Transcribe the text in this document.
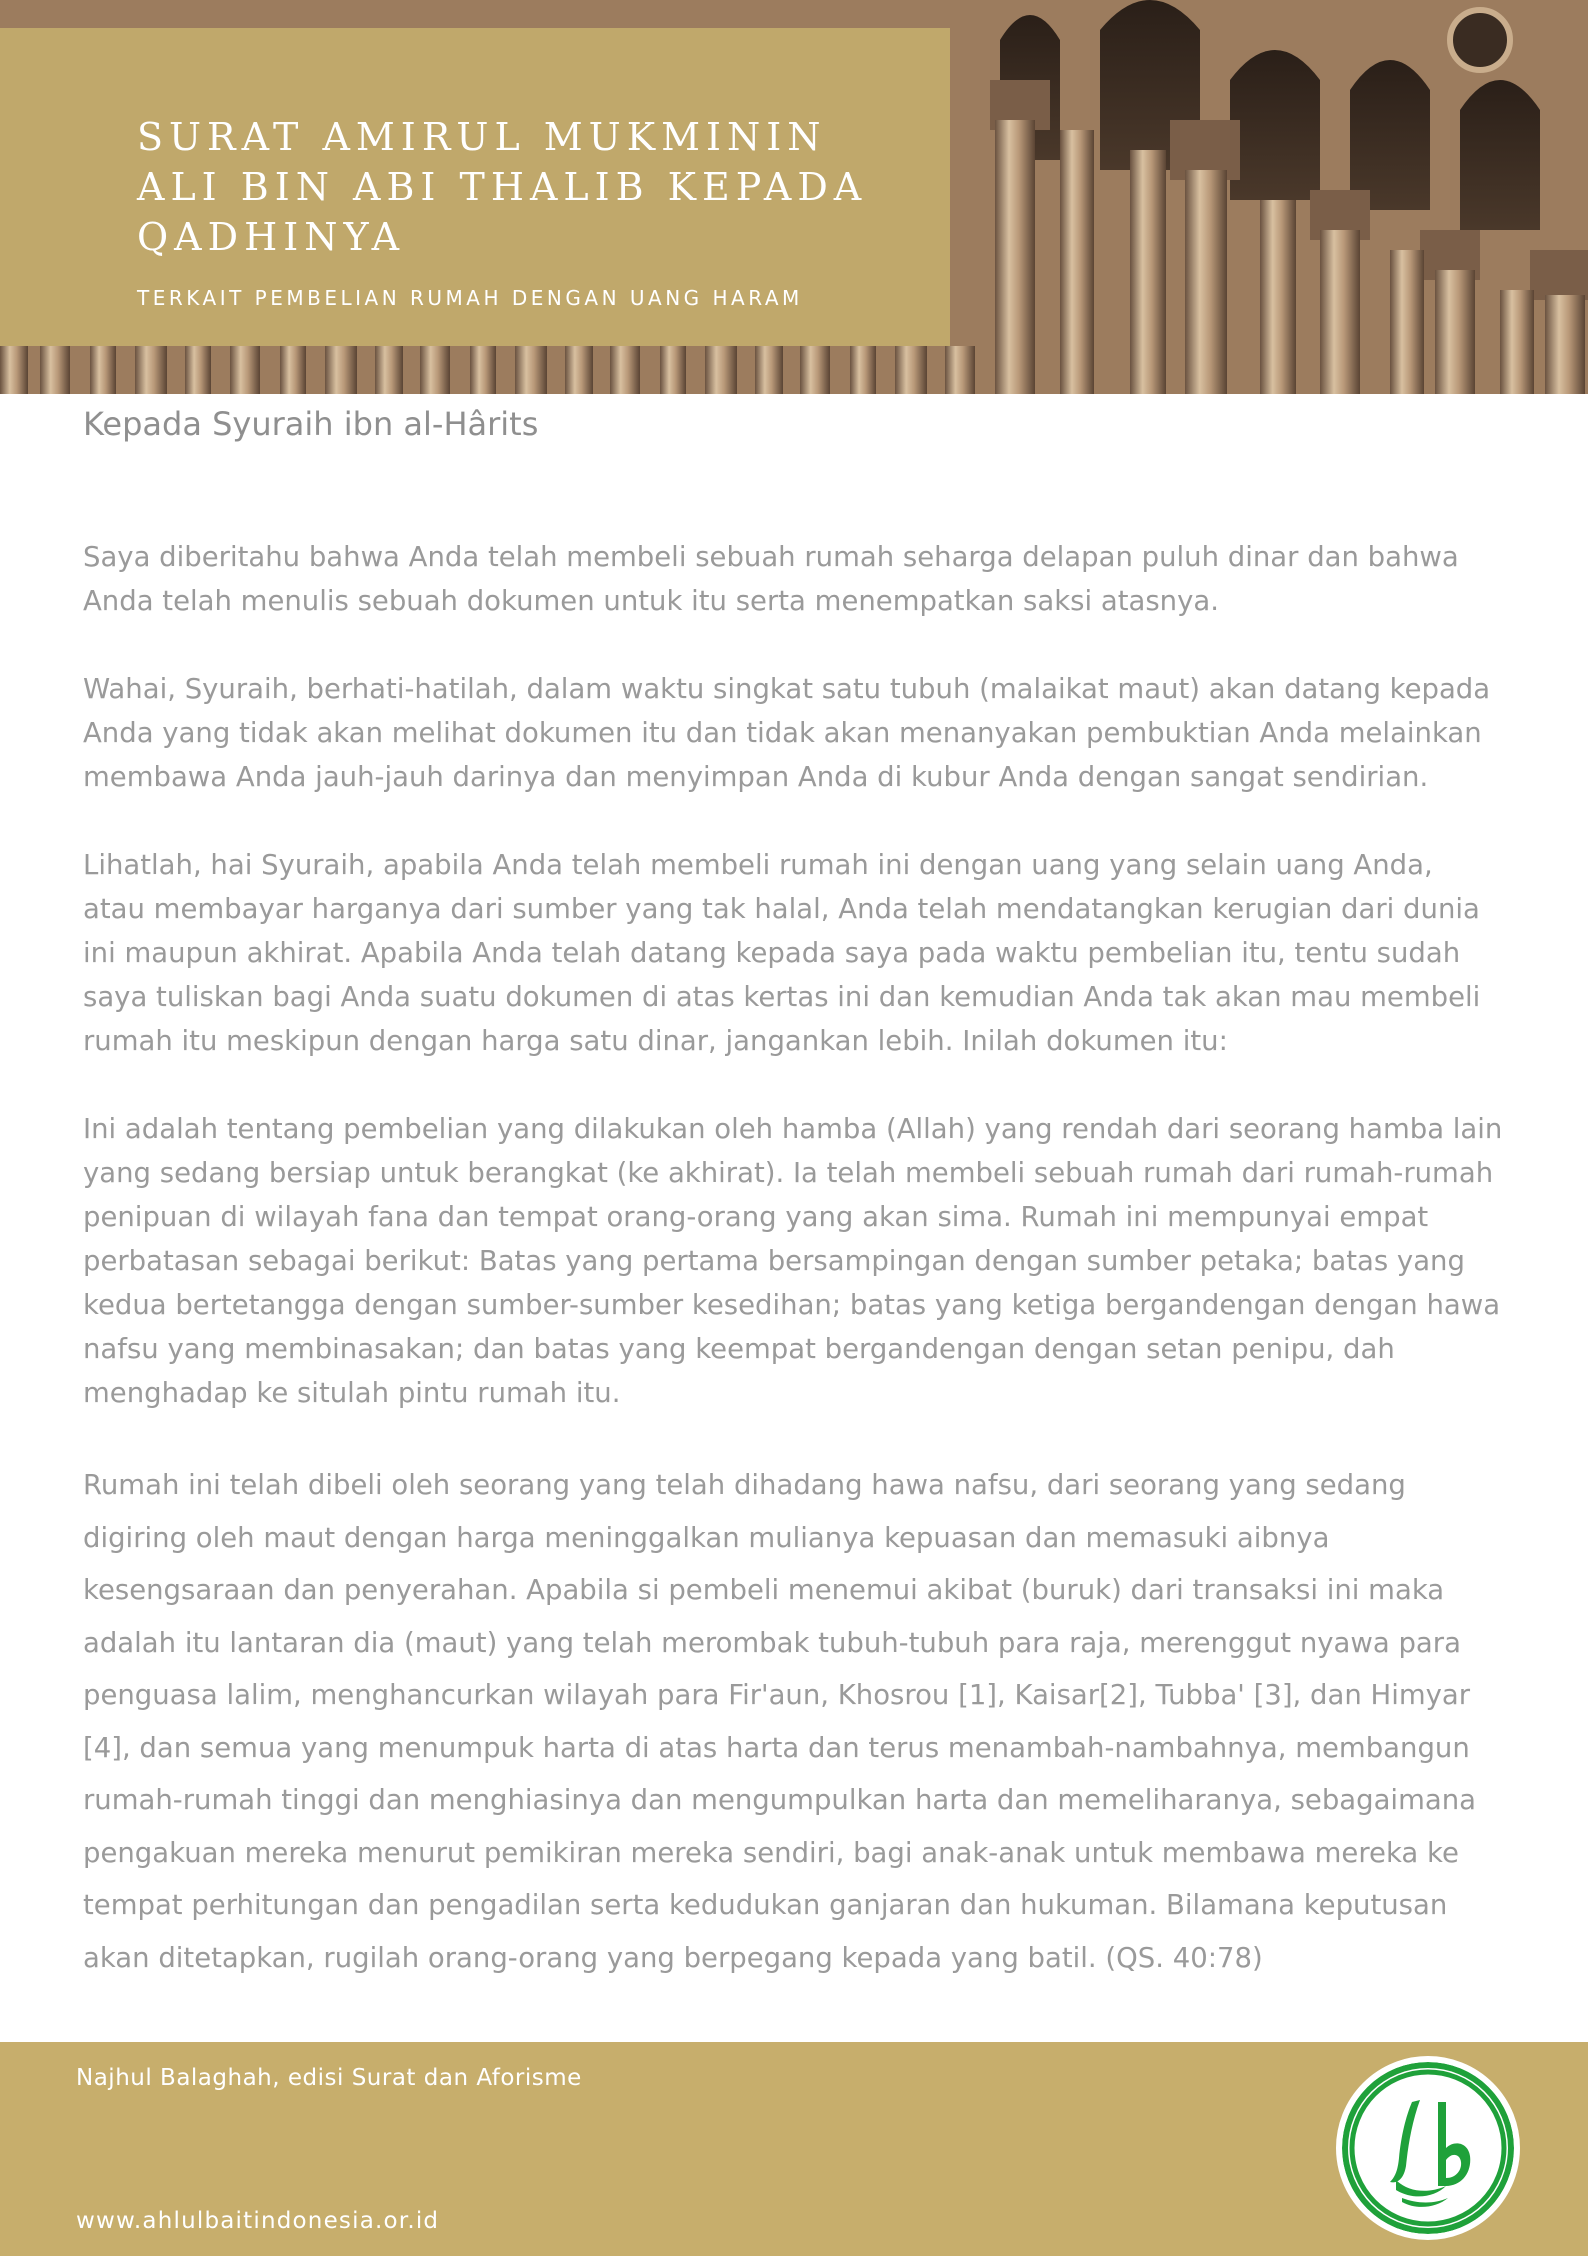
SURAT AMIRUL MUKMININ ALI BIN ABI THALIB KEPADA QADHINYA

TERKAIT PEMBELIAN RUMAH DENGAN UANG HARAM

Kepada Syuraih ibn al-Hârits

Saya diberitahu bahwa Anda telah membeli sebuah rumah seharga delapan puluh dinar dan bahwa Anda telah menulis sebuah dokumen untuk itu serta menempatkan saksi atasnya.

Wahai, Syuraih, berhati-hatilah, dalam waktu singkat satu tubuh (malaikat maut) akan datang kepada Anda yang tidak akan melihat dokumen itu dan tidak akan menanyakan pembuktian Anda melainkan membawa Anda jauh-jauh darinya dan menyimpan Anda di kubur Anda dengan sangat sendirian.

Lihatlah, hai Syuraih, apabila Anda telah membeli rumah ini dengan uang yang selain uang Anda, atau membayar harganya dari sumber yang tak halal, Anda telah mendatangkan kerugian dari dunia ini maupun akhirat. Apabila Anda telah datang kepada saya pada waktu pembelian itu, tentu sudah saya tuliskan bagi Anda suatu dokumen di atas kertas ini dan kemudian Anda tak akan mau membeli rumah itu meskipun dengan harga satu dinar, jangankan lebih. Inilah dokumen itu:

Ini adalah tentang pembelian yang dilakukan oleh hamba (Allah) yang rendah dari seorang hamba lain yang sedang bersiap untuk berangkat (ke akhirat). Ia telah membeli sebuah rumah dari rumah-rumah penipuan di wilayah fana dan tempat orang-orang yang akan sima. Rumah ini mempunyai empat perbatasan sebagai berikut: Batas yang pertama bersampingan dengan sumber petaka; batas yang kedua bertetangga dengan sumber-sumber kesedihan; batas yang ketiga bergandengan dengan hawa nafsu yang membinasakan; dan batas yang keempat bergandengan dengan setan penipu, dah menghadap ke situlah pintu rumah itu.

Rumah ini telah dibeli oleh seorang yang telah dihadang hawa nafsu, dari seorang yang sedang digiring oleh maut dengan harga meninggalkan mulianya kepuasan dan memasuki aibnya kesengsaraan dan penyerahan. Apabila si pembeli menemui akibat (buruk) dari transaksi ini maka adalah itu lantaran dia (maut) yang telah merombak tubuh-tubuh para raja, merenggut nyawa para penguasa lalim, menghancurkan wilayah para Fir'aun, Khosrou [1], Kaisar[2], Tubba' [3], dan Himyar [4], dan semua yang menumpuk harta di atas harta dan terus menambah-nambahnya, membangun rumah-rumah tinggi dan menghiasinya dan mengumpulkan harta dan memeliharanya, sebagaimana pengakuan mereka menurut pemikiran mereka sendiri, bagi anak-anak untuk membawa mereka ke tempat perhitungan dan pengadilan serta kedudukan ganjaran dan hukuman. Bilamana keputusan akan ditetapkan, rugilah orang-orang yang berpegang kepada yang batil. (QS. 40:78)

Najhul Balaghah, edisi Surat dan Aforisme

www.ahlulbaitindonesia.or.id
